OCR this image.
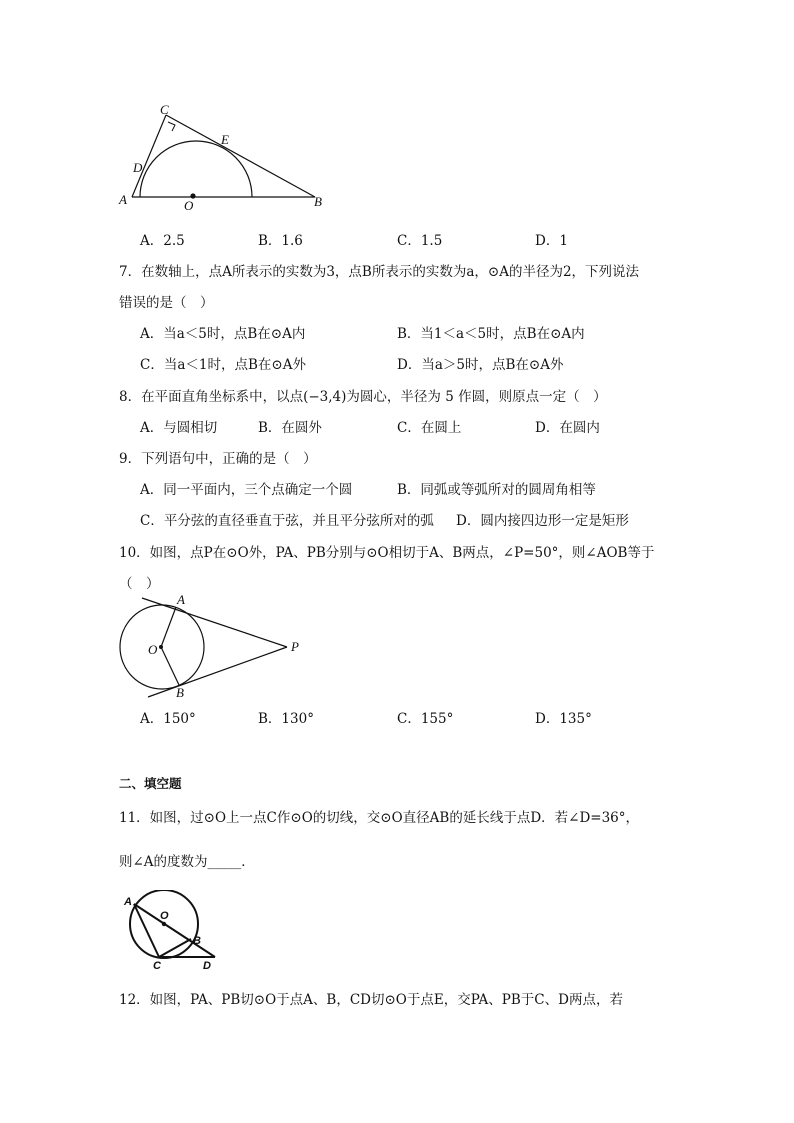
C
E
D
A	O	B
A．2.5	B．1.6	C．1.5	D．1
7．在数轴上，点A所表示的实数为3，点B所表示的实数为a，⊙A的半径为2，下列说法
错误的是（　）
A．当a＜5时，点B在⊙A内	B．当1＜a＜5时，点B在⊙A内
C．当a＜1时，点B在⊙A外	D．当a＞5时，点B在⊙A外
8．在平面直角坐标系中，以点(−3,4)为圆心，半径为 5 作圆，则原点一定（　）
A．与圆相切	B．在圆外	C．在圆上	D．在圆内
9．下列语句中，正确的是（　）
A．同一平面内，三个点确定一个圆	B．同弧或等弧所对的圆周角相等
C．平分弦的直径垂直于弦，并且平分弦所对的弧 D．圆内接四边形一定是矩形
10．如图，点P在⊙O外，PA、PB分别与⊙O相切于A、B两点，∠P=50°，则∠AOB等于
（　）
A
O	P
B
A．150°	B．130°	C．155°	D．135°
二、填空题
11．如图，过⊙O上一点C作⊙O的切线，交⊙O直径AB的延长线于点D．若∠D=36°，
则∠A的度数为_____．
A
O
B
C	D
12．如图，PA、PB切⊙O于点A、B，CD切⊙O于点E，交PA、PB于C、D两点，若
